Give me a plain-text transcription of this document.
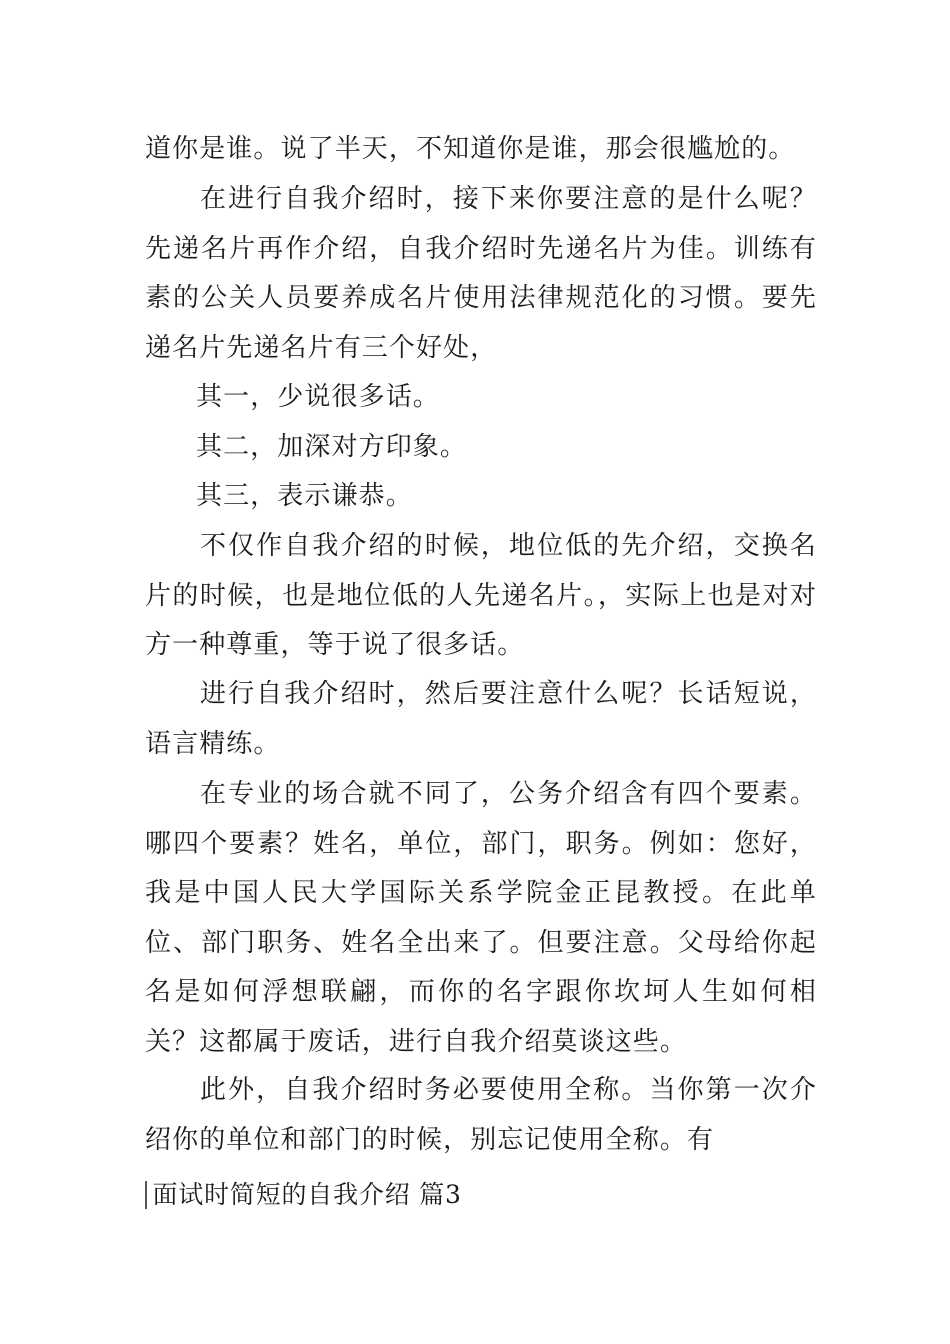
道你是谁。说了半天，不知道你是谁，那会很尴尬的。

在进行自我介绍时，接下来你要注意的是什么呢？先递名片再作介绍，自我介绍时先递名片为佳。训练有素的公关人员要养成名片使用法律规范化的习惯。要先递名片先递名片有三个好处，

其一，少说很多话。

其二，加深对方印象。

其三，表示谦恭。

不仅作自我介绍的时候，地位低的先介绍，交换名片的时候，也是地位低的人先递名片。，实际上也是对对方一种尊重，等于说了很多话。

进行自我介绍时，然后要注意什么呢？长话短说，语言精练。

在专业的场合就不同了，公务介绍含有四个要素。哪四个要素？姓名，单位，部门，职务。例如：您好，我是中国人民大学国际关系学院金正昆教授。在此单位、部门职务、姓名全出来了。但要注意。父母给你起名是如何浮想联翩，而你的名字跟你坎坷人生如何相关？这都属于废话，进行自我介绍莫谈这些。

此外，自我介绍时务必要使用全称。当你第一次介绍你的单位和部门的时候，别忘记使用全称。有

面试时简短的自我介绍 篇3
